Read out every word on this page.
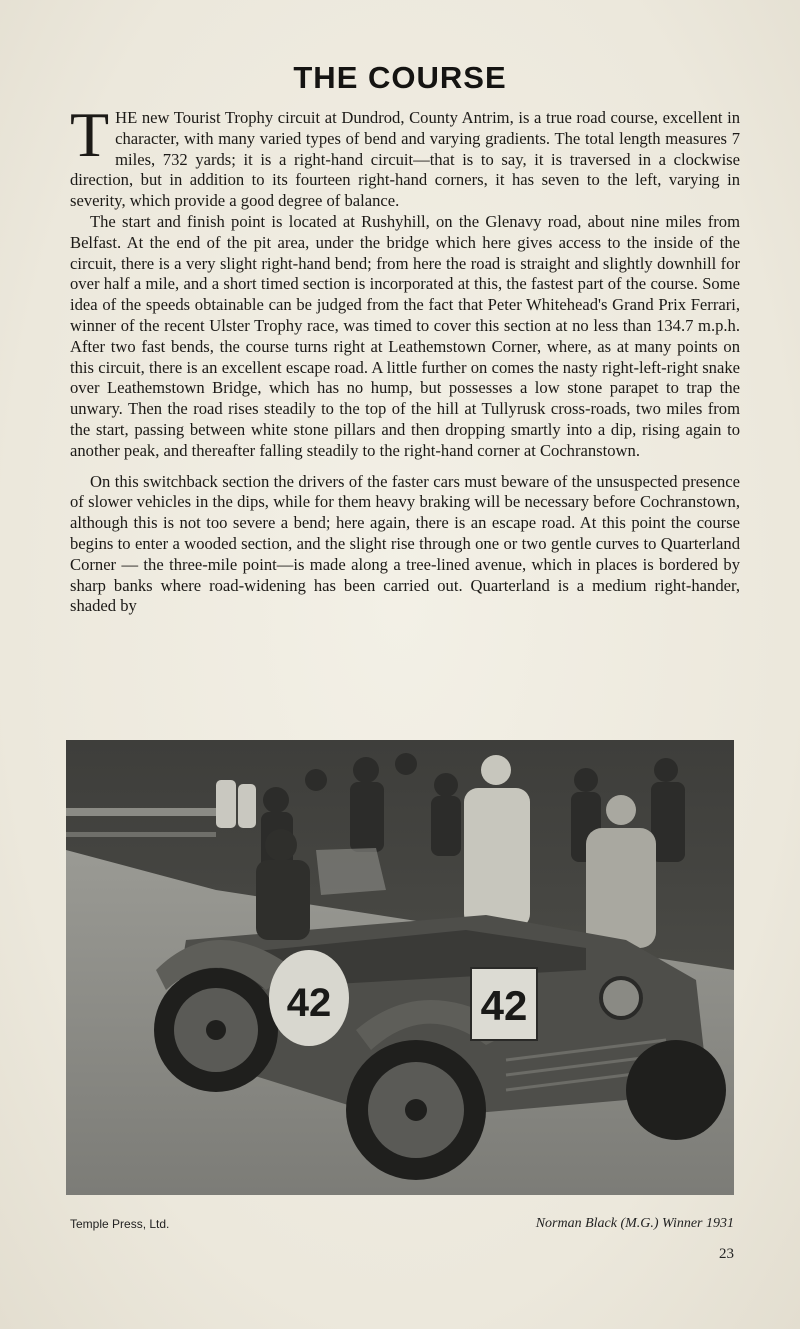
THE COURSE

THE new Tourist Trophy circuit at Dundrod, County Antrim, is a true road course, excellent in character, with many varied types of bend and varying gradients. The total length measures 7 miles, 732 yards; it is a right-hand circuit—that is to say, it is traversed in a clockwise direction, but in addition to its fourteen right-hand corners, it has seven to the left, varying in severity, which provide a good degree of balance.

The start and finish point is located at Rushyhill, on the Glenavy road, about nine miles from Belfast. At the end of the pit area, under the bridge which here gives access to the inside of the circuit, there is a very slight right-hand bend; from here the road is straight and slightly downhill for over half a mile, and a short timed section is incorporated at this, the fastest part of the course. Some idea of the speeds obtainable can be judged from the fact that Peter Whitehead's Grand Prix Ferrari, winner of the recent Ulster Trophy race, was timed to cover this section at no less than 134.7 m.p.h. After two fast bends, the course turns right at Leathemstown Corner, where, as at many points on this circuit, there is an excellent escape road. A little further on comes the nasty right-left-right snake over Leathemstown Bridge, which has no hump, but possesses a low stone parapet to trap the unwary. Then the road rises steadily to the top of the hill at Tullyrusk cross-roads, two miles from the start, passing between white stone pillars and then dropping smartly into a dip, rising again to another peak, and thereafter falling steadily to the right-hand corner at Cochranstown.

On this switchback section the drivers of the faster cars must beware of the unsuspected presence of slower vehicles in the dips, while for them heavy braking will be necessary before Cochranstown, although this is not too severe a bend; here again, there is an escape road. At this point the course begins to enter a wooded section, and the slight rise through one or two gentle curves to Quarterland Corner — the three-mile point—is made along a tree-lined avenue, which in places is bordered by sharp banks where road-widening has been carried out. Quarterland is a medium right-hander, shaded by

42	42
Temple Press, Ltd.	Norman Black (M.G.) Winner 1931
23
